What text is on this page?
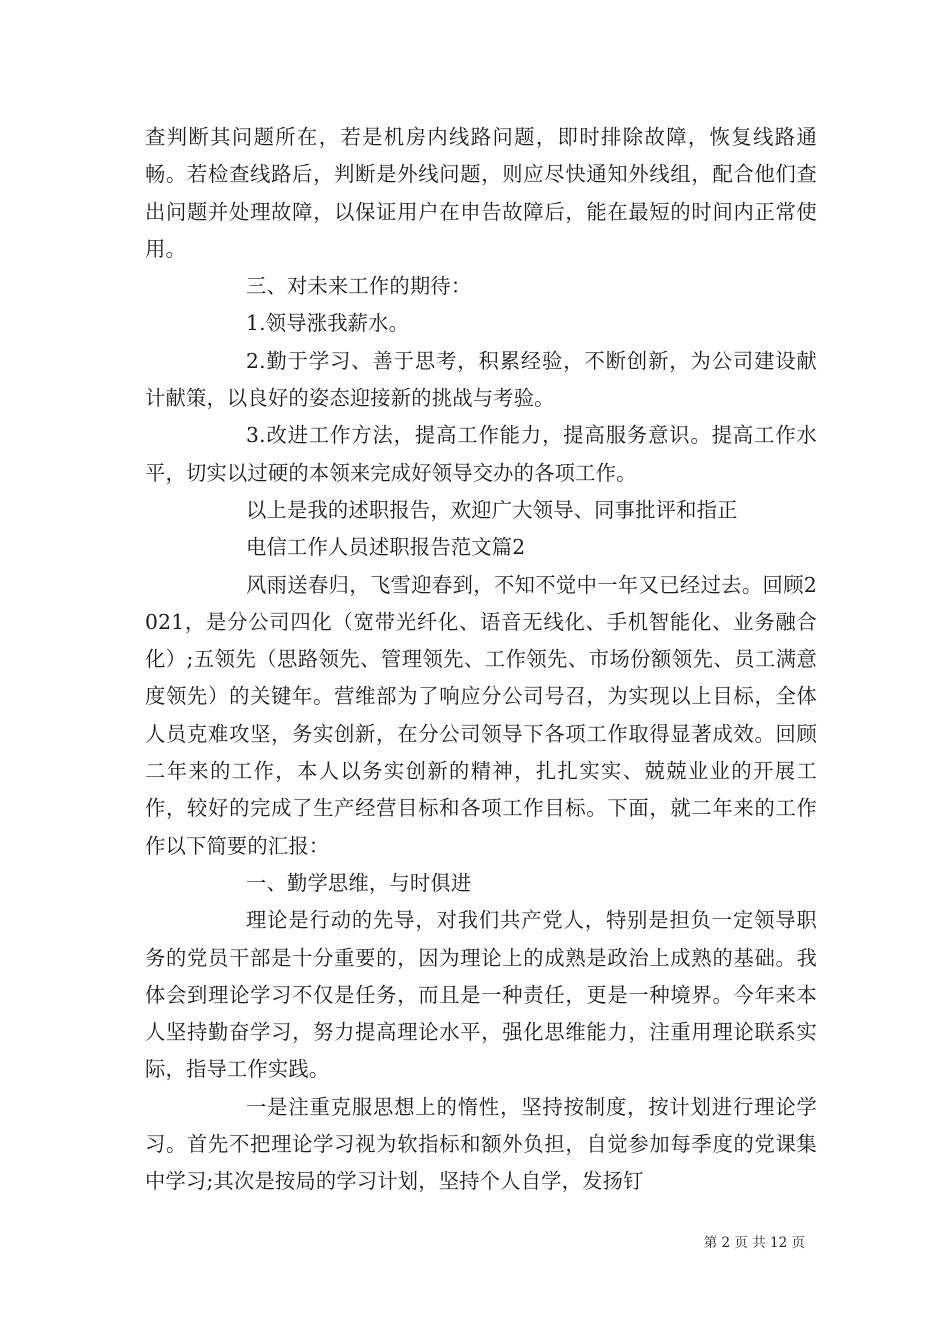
查判断其问题所在，若是机房内线路问题，即时排除故障，恢复线路通畅。若检查线路后，判断是外线问题，则应尽快通知外线组，配合他们查出问题并处理故障，以保证用户在申告故障后，能在最短的时间内正常使用。

三、对未来工作的期待：

1.领导涨我薪水。

2.勤于学习、善于思考，积累经验，不断创新，为公司建设献计献策，以良好的姿态迎接新的挑战与考验。

3.改进工作方法，提高工作能力，提高服务意识。提高工作水平，切实以过硬的本领来完成好领导交办的各项工作。

以上是我的述职报告，欢迎广大领导、同事批评和指正

电信工作人员述职报告范文篇2

风雨送春归，飞雪迎春到，不知不觉中一年又已经过去。回顾2021，是分公司四化（宽带光纤化、语音无线化、手机智能化、业务融合化）;五领先（思路领先、管理领先、工作领先、市场份额领先、员工满意度领先）的关键年。营维部为了响应分公司号召，为实现以上目标，全体人员克难攻坚，务实创新，在分公司领导下各项工作取得显著成效。回顾二年来的工作，本人以务实创新的精神，扎扎实实、兢兢业业的开展工作，较好的完成了生产经营目标和各项工作目标。下面，就二年来的工作作以下简要的汇报：

一、勤学思维，与时俱进

理论是行动的先导，对我们共产党人，特别是担负一定领导职务的党员干部是十分重要的，因为理论上的成熟是政治上成熟的基础。我体会到理论学习不仅是任务，而且是一种责任，更是一种境界。今年来本人坚持勤奋学习，努力提高理论水平，强化思维能力，注重用理论联系实际，指导工作实践。

一是注重克服思想上的惰性，坚持按制度，按计划进行理论学习。首先不把理论学习视为软指标和额外负担，自觉参加每季度的党课集中学习;其次是按局的学习计划，坚持个人自学，发扬钉

第 2 页 共 12 页
